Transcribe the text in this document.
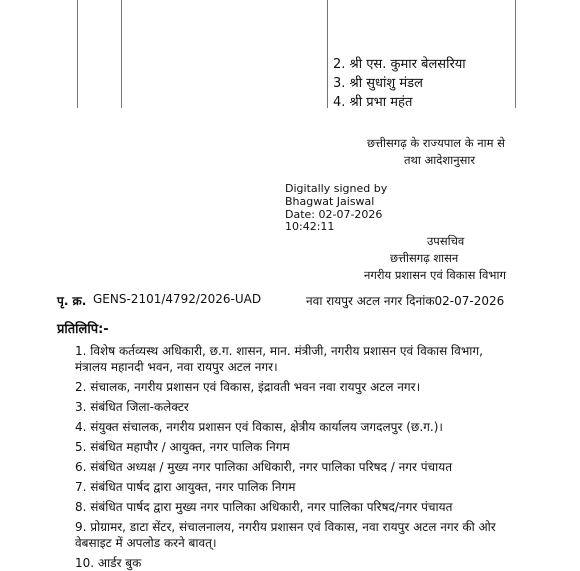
2. श्री एस. कुमार बेलसरिया
3. श्री सुधांशु मंडल
4. श्री प्रभा महंत
छत्तीसगढ़ के राज्यपाल के नाम से
तथा आदेशानुसार
Digitally signed by
Bhagwat Jaiswal
Date: 02-07-2026
10:42:11
उपसचिव
छत्तीसगढ़ शासन
नगरीय प्रशासन एवं विकास विभाग
पृ. क्र. GENS-2101/4792/2026-UAD	नवा रायपुर अटल नगर दिनांक02-07-2026
प्रतिलिपि:-
1. विशेष कर्तव्यस्थ अधिकारी, छ.ग. शासन, मान. मंत्रीजी, नगरीय प्रशासन एवं विकास विभाग,
मंत्रालय महानदी भवन, नवा रायपुर अटल नगर।
2. संचालक, नगरीय प्रशासन एवं विकास, इंद्रावती भवन नवा रायपुर अटल नगर।
3. संबंधित जिला-कलेक्टर
4. संयुक्त संचालक, नगरीय प्रशासन एवं विकास, क्षेत्रीय कार्यालय जगदलपुर (छ.ग.)।
5. संबंधित महापौर / आयुक्त, नगर पालिक निगम
6. संबंधित अध्यक्ष / मुख्य नगर पालिका अधिकारी, नगर पालिका परिषद / नगर पंचायत
7. संबंधित पार्षद द्वारा आयुक्त, नगर पालिक निगम
8. संबंधित पार्षद द्वारा मुख्य नगर पालिका अधिकारी, नगर पालिका परिषद/नगर पंचायत
9. प्रोग्रामर, डाटा सेंटर, संचालनालय, नगरीय प्रशासन एवं विकास, नवा रायपुर अटल नगर की ओर
वेबसाइट में अपलोड करने बावत्।
10. आर्डर बुक
